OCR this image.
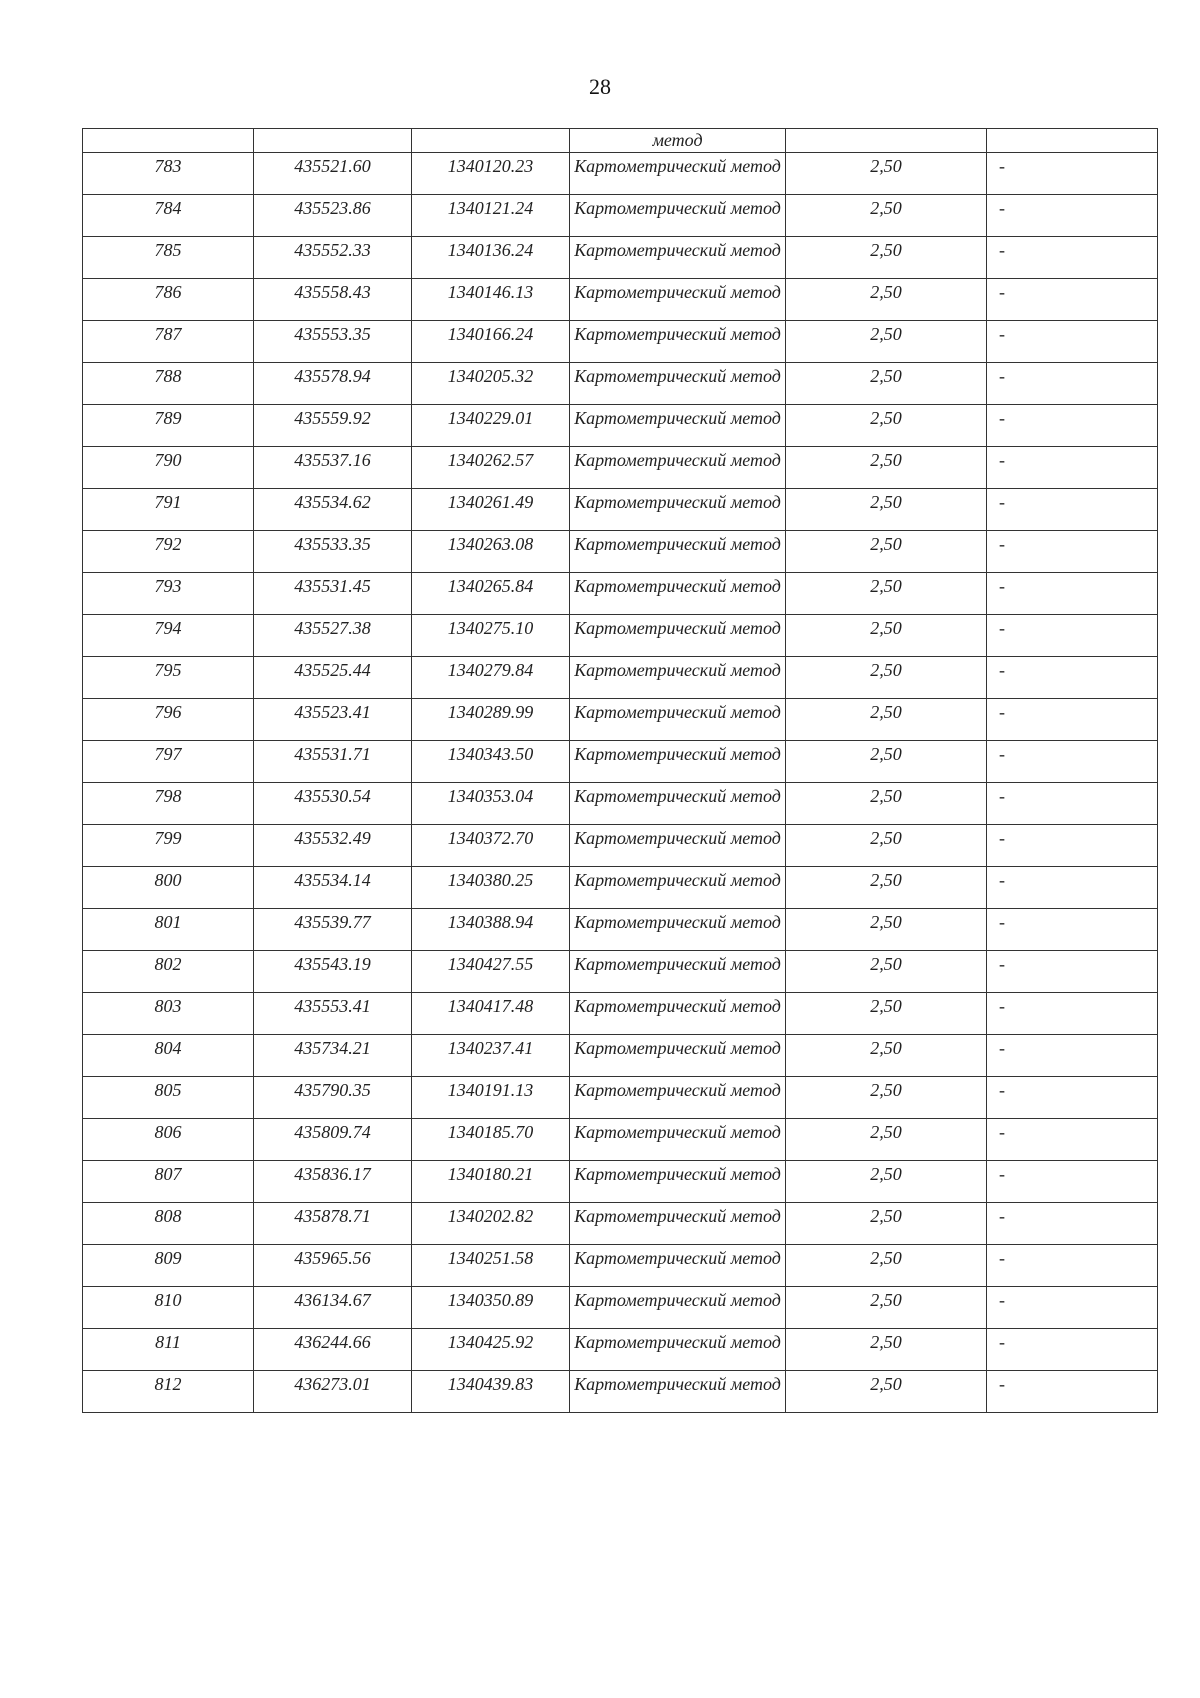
28
			метод		
783	435521.60	1340120.23	Картометрический метод	2,50	-
784	435523.86	1340121.24	Картометрический метод	2,50	-
785	435552.33	1340136.24	Картометрический метод	2,50	-
786	435558.43	1340146.13	Картометрический метод	2,50	-
787	435553.35	1340166.24	Картометрический метод	2,50	-
788	435578.94	1340205.32	Картометрический метод	2,50	-
789	435559.92	1340229.01	Картометрический метод	2,50	-
790	435537.16	1340262.57	Картометрический метод	2,50	-
791	435534.62	1340261.49	Картометрический метод	2,50	-
792	435533.35	1340263.08	Картометрический метод	2,50	-
793	435531.45	1340265.84	Картометрический метод	2,50	-
794	435527.38	1340275.10	Картометрический метод	2,50	-
795	435525.44	1340279.84	Картометрический метод	2,50	-
796	435523.41	1340289.99	Картометрический метод	2,50	-
797	435531.71	1340343.50	Картометрический метод	2,50	-
798	435530.54	1340353.04	Картометрический метод	2,50	-
799	435532.49	1340372.70	Картометрический метод	2,50	-
800	435534.14	1340380.25	Картометрический метод	2,50	-
801	435539.77	1340388.94	Картометрический метод	2,50	-
802	435543.19	1340427.55	Картометрический метод	2,50	-
803	435553.41	1340417.48	Картометрический метод	2,50	-
804	435734.21	1340237.41	Картометрический метод	2,50	-
805	435790.35	1340191.13	Картометрический метод	2,50	-
806	435809.74	1340185.70	Картометрический метод	2,50	-
807	435836.17	1340180.21	Картометрический метод	2,50	-
808	435878.71	1340202.82	Картометрический метод	2,50	-
809	435965.56	1340251.58	Картометрический метод	2,50	-
810	436134.67	1340350.89	Картометрический метод	2,50	-
811	436244.66	1340425.92	Картометрический метод	2,50	-
812	436273.01	1340439.83	Картометрический метод	2,50	-
